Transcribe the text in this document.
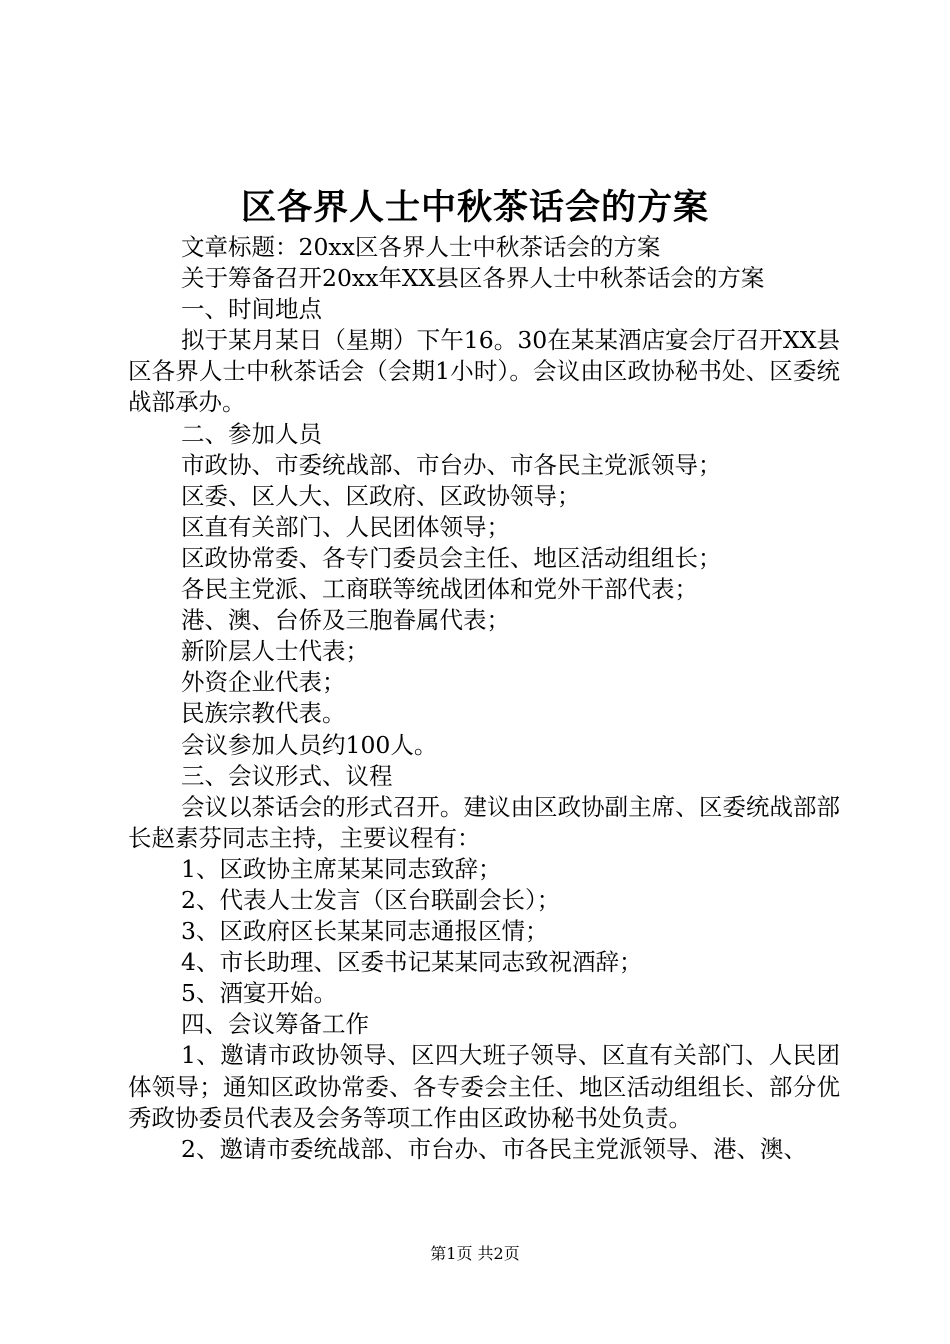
区各界人士中秋茶话会的方案

文章标题：20xx区各界人士中秋茶话会的方案

关于筹备召开20xx年XX县区各界人士中秋茶话会的方案

一、时间地点

拟于某月某日（星期）下午16。30在某某酒店宴会厅召开XX县区各界人士中秋茶话会（会期1小时）。会议由区政协秘书处、区委统战部承办。

二、参加人员

市政协、市委统战部、市台办、市各民主党派领导；

区委、区人大、区政府、区政协领导；

区直有关部门、人民团体领导；

区政协常委、各专门委员会主任、地区活动组组长；

各民主党派、工商联等统战团体和党外干部代表；

港、澳、台侨及三胞眷属代表；

新阶层人士代表；

外资企业代表；

民族宗教代表。

会议参加人员约100人。

三、会议形式、议程

会议以茶话会的形式召开。建议由区政协副主席、区委统战部部长赵素芬同志主持，主要议程有：

1、区政协主席某某同志致辞；

2、代表人士发言（区台联副会长）；

3、区政府区长某某同志通报区情；

4、市长助理、区委书记某某同志致祝酒辞；

5、酒宴开始。

四、会议筹备工作

1、邀请市政协领导、区四大班子领导、区直有关部门、人民团体领导；通知区政协常委、各专委会主任、地区活动组组长、部分优秀政协委员代表及会务等项工作由区政协秘书处负责。

2、邀请市委统战部、市台办、市各民主党派领导、港、澳、

第1页 共2页
